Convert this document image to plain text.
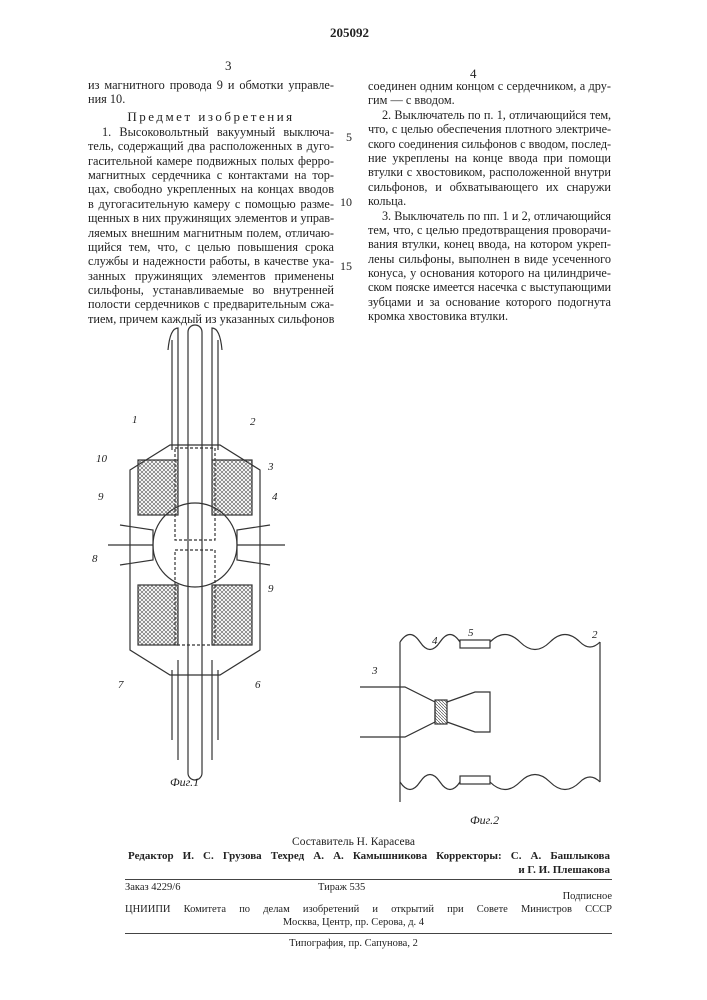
205092
3
4
из магнитного провода 9 и обмотки управле-
ния 10.
Предмет изобретения
1. Высоковольтный вакуумный выключа-
тель, содержащий два расположенных в дуго-
гасительной камере подвижных полых ферро-
магнитных сердечника с контактами на тор-
цах, свободно укрепленных на концах вводов
в дугогасительную камеру с помощью разме-
щенных в них пружинящих элементов и управ-
ляемых внешним магнитным полем, отличаю-
щийся тем, что, с целью повышения срока
службы и надежности работы, в качестве ука-
занных пружинящих элементов применены
сильфоны, устанавливаемые во внутренней
полости сердечников с предварительным сжа-
тием, причем каждый из указанных сильфонов
соединен одним концом с сердечником, а дру-
гим — с вводом.
2. Выключатель по п. 1, отличающийся тем,
что, с целью обеспечения плотного электриче-
ского соединения сильфонов с вводом, послед-
ние укреплены на конце ввода при помощи
втулки с хвостовиком, расположенной внутри
сильфонов, и обхватывающего их снаружи
кольца.
3. Выключатель по пп. 1 и 2, отличающийся
тем, что, с целью предотвращения проворачи-
вания втулки, конец ввода, на котором укреп-
лены сильфоны, выполнен в виде усеченного
конуса, у основания которого на цилиндриче-
ском пояске имеется насечка с выступающими
зубцами и за основание которого подогнута
кромка хвостовика втулки.
5
10
15
1	2
10
3
4
9
8
9
7	6
Фиг.1
3
4
5	2
Фиг.2
Составитель Н. Карасева
Редактор И. С. Грузова Техред А. А. Камышникова Корректоры: С. А. Башлыкова
и Г. И. Плешакова
Заказ 4229/6	Тираж 535
Подписное
ЦНИИПИ Комитета по делам изобретений и открытий при Совете Министров СССР
Москва, Центр, пр. Серова, д. 4
Типография, пр. Сапунова, 2
